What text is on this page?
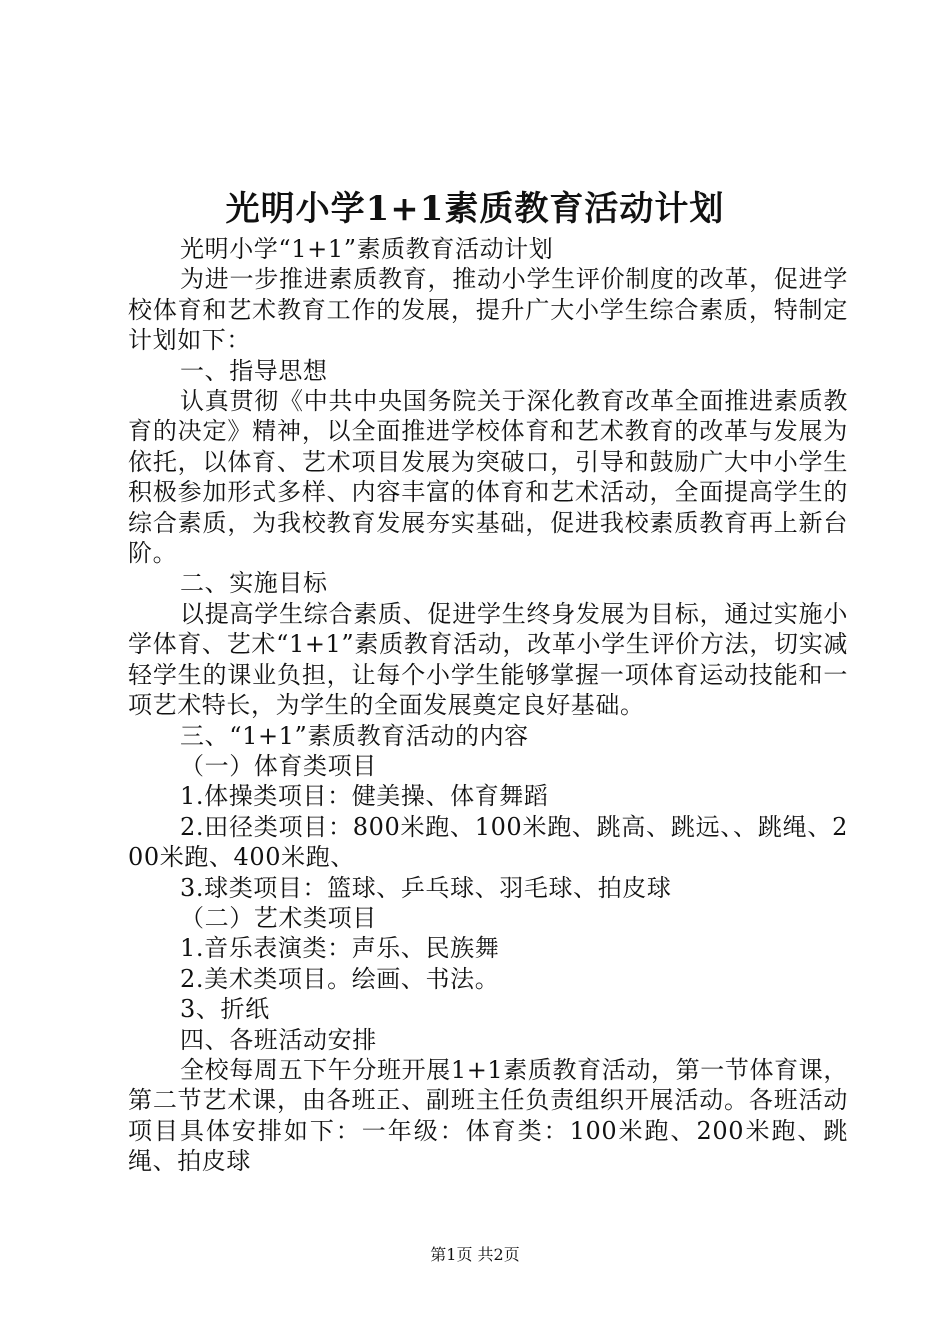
光明小学1+1素质教育活动计划

光明小学“1+1”素质教育活动计划

为进一步推进素质教育，推动小学生评价制度的改革，促进学校体育和艺术教育工作的发展，提升广大小学生综合素质，特制定计划如下：

一、指导思想

认真贯彻《中共中央国务院关于深化教育改革全面推进素质教育的决定》精神，以全面推进学校体育和艺术教育的改革与发展为依托，以体育、艺术项目发展为突破口，引导和鼓励广大中小学生积极参加形式多样、内容丰富的体育和艺术活动，全面提高学生的综合素质，为我校教育发展夯实基础，促进我校素质教育再上新台阶。

二、实施目标

以提高学生综合素质、促进学生终身发展为目标，通过实施小学体育、艺术“1+1”素质教育活动，改革小学生评价方法，切实减轻学生的课业负担，让每个小学生能够掌握一项体育运动技能和一项艺术特长，为学生的全面发展奠定良好基础。

三、“1+1”素质教育活动的内容

（一）体育类项目

1.体操类项目：健美操、体育舞蹈

2.田径类项目：800米跑、100米跑、跳高、跳远、、跳绳、200米跑、400米跑、

3.球类项目：篮球、乒乓球、羽毛球、拍皮球

（二）艺术类项目

1.音乐表演类：声乐、民族舞

2.美术类项目。绘画、书法。

3、折纸

四、各班活动安排

全校每周五下午分班开展1+1素质教育活动，第一节体育课，第二节艺术课，由各班正、副班主任负责组织开展活动。各班活动项目具体安排如下：一年级：体育类：100米跑、200米跑、跳绳、拍皮球

第1页 共2页
